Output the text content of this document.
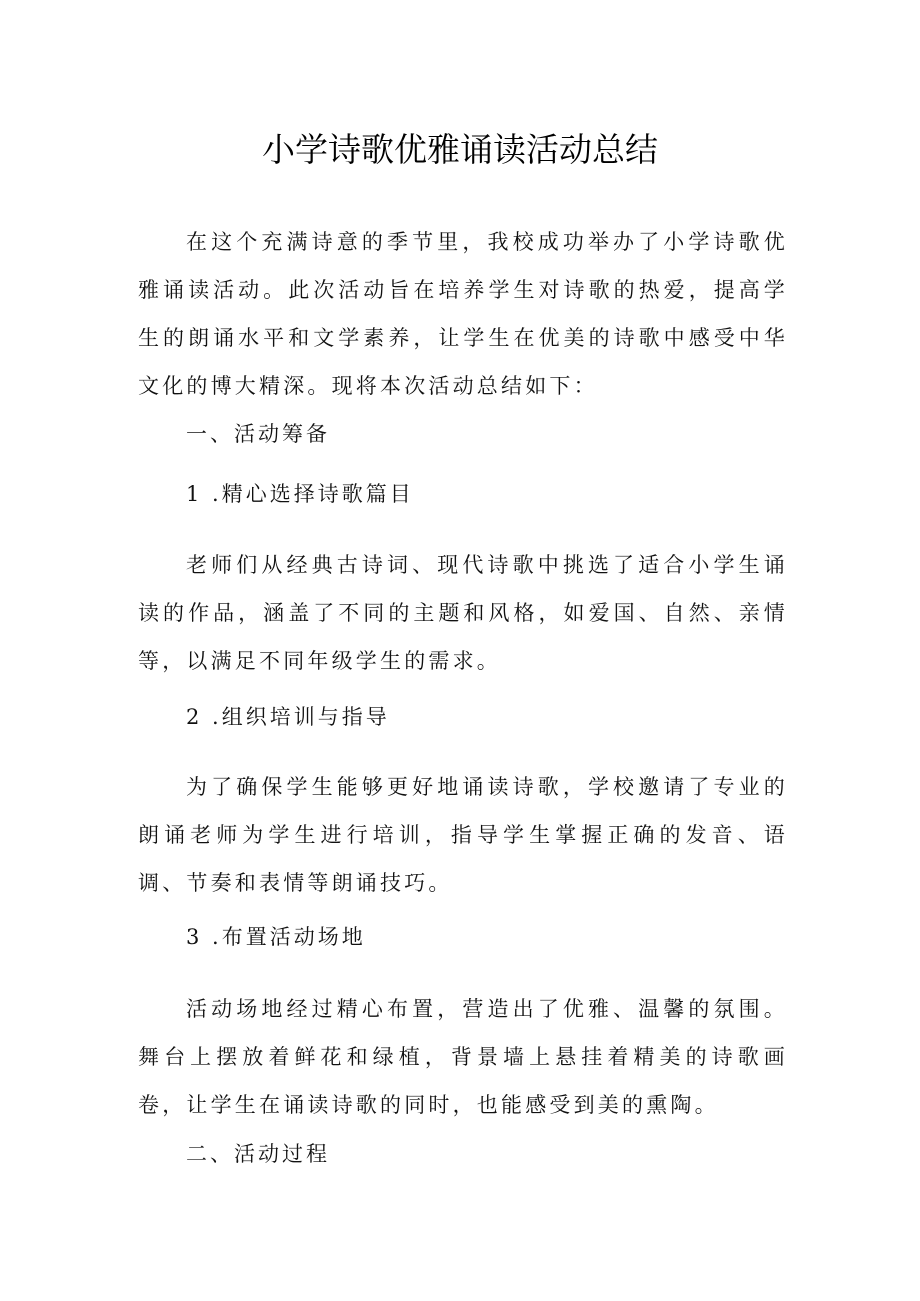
小学诗歌优雅诵读活动总结

在这个充满诗意的季节里，我校成功举办了小学诗歌优雅诵读活动。此次活动旨在培养学生对诗歌的热爱，提高学生的朗诵水平和文学素养，让学生在优美的诗歌中感受中华文化的博大精深。现将本次活动总结如下：

一、活动筹备
1 .精心选择诗歌篇目

老师们从经典古诗词、现代诗歌中挑选了适合小学生诵读的作品，涵盖了不同的主题和风格，如爱国、自然、亲情等，以满足不同年级学生的需求。

2 .组织培训与指导

为了确保学生能够更好地诵读诗歌，学校邀请了专业的朗诵老师为学生进行培训，指导学生掌握正确的发音、语调、节奏和表情等朗诵技巧。

3 .布置活动场地

活动场地经过精心布置，营造出了优雅、温馨的氛围。舞台上摆放着鲜花和绿植，背景墙上悬挂着精美的诗歌画卷，让学生在诵读诗歌的同时，也能感受到美的熏陶。

二、活动过程
